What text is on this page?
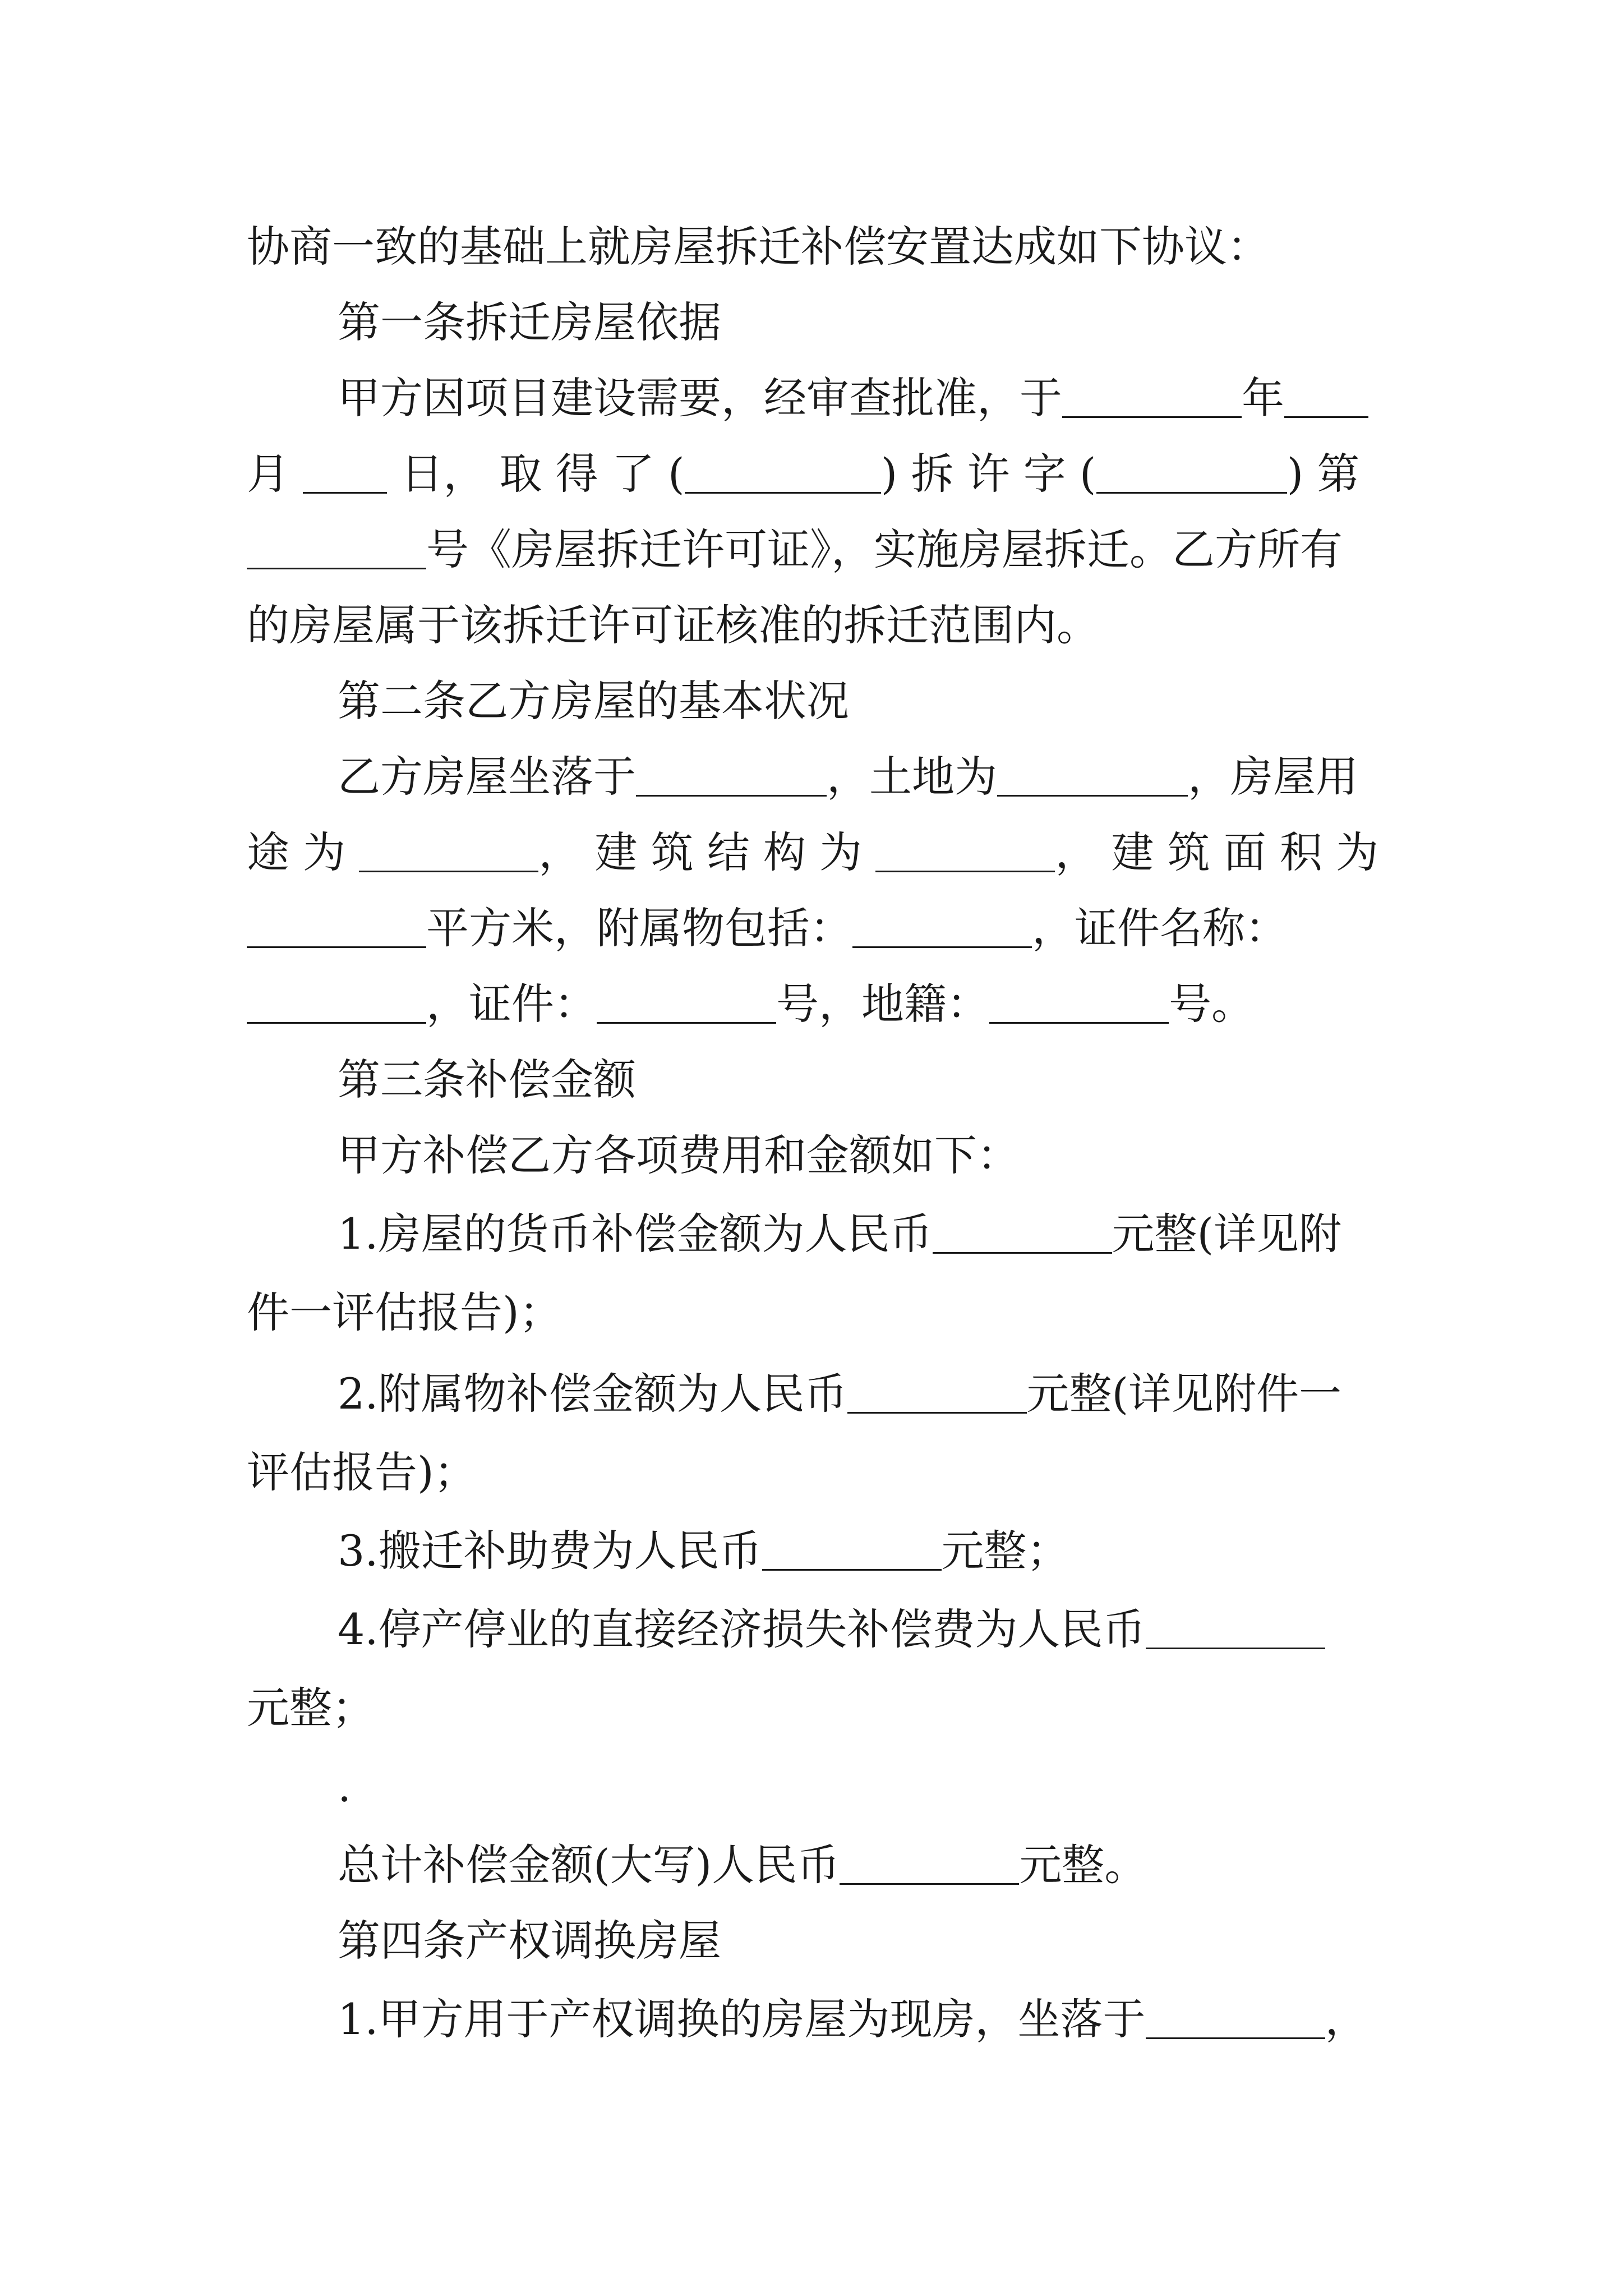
协商一致的基础上就房屋拆迁补偿安置达成如下协议：
第一条拆迁房屋依据
甲方因项目建设需要，经审查批准，于	年
月	日， 取 得 了 (	) 拆 许 字 (	) 第
号《房屋拆迁许可证》，实施房屋拆迁。乙方所有
的房屋属于该拆迁许可证核准的拆迁范围内。
第二条乙方房屋的基本状况
乙方房屋坐落于	，土地为	，房屋用
途 为	， 建 筑 结 构 为	， 建 筑 面 积 为
平方米，附属物包括：	，证件名称：
，证件：	号，地籍：	号。
第三条补偿金额
甲方补偿乙方各项费用和金额如下：
1.房屋的货币补偿金额为人民币	元整(详见附
件一评估报告)；
2.附属物补偿金额为人民币	元整(详见附件一
评估报告)；
3.搬迁补助费为人民币	元整；
4.停产停业的直接经济损失补偿费为人民币
元整；
.
总计补偿金额(大写)人民币	元整。
第四条产权调换房屋
1.甲方用于产权调换的房屋为现房，坐落于	，
